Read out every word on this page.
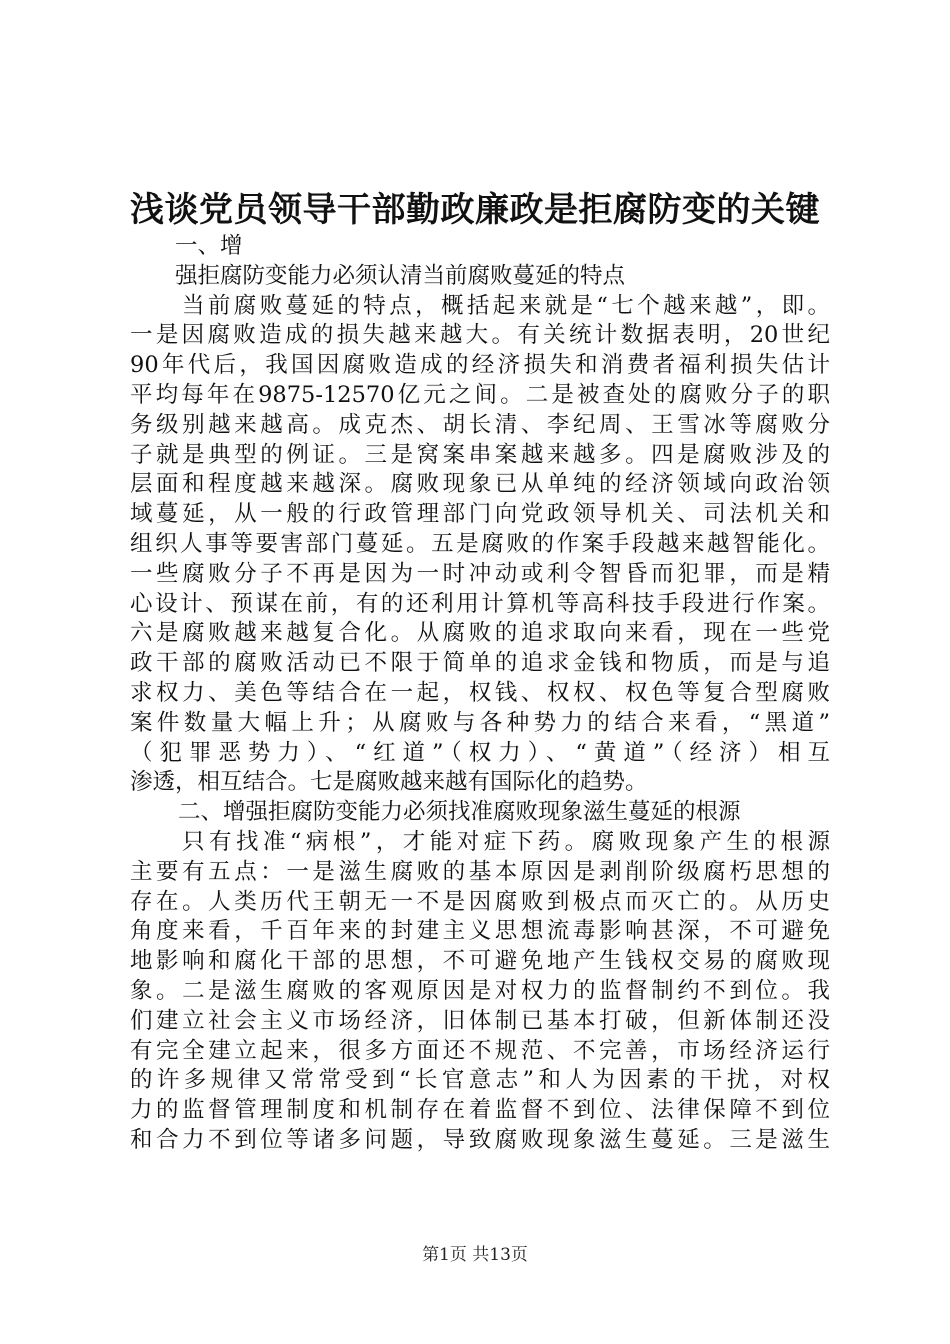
浅谈党员领导干部勤政廉政是拒腐防变的关键
一、增
强拒腐防变能力必须认清当前腐败蔓延的特点
当前腐败蔓延的特点，概括起来就是“七个越来越”，即。
一是因腐败造成的损失越来越大。有关统计数据表明，20世纪
90年代后，我国因腐败造成的经济损失和消费者福利损失估计
平均每年在9875-12570亿元之间。二是被查处的腐败分子的职
务级别越来越高。成克杰、胡长清、李纪周、王雪冰等腐败分
子就是典型的例证。三是窝案串案越来越多。四是腐败涉及的
层面和程度越来越深。腐败现象已从单纯的经济领域向政治领
域蔓延，从一般的行政管理部门向党政领导机关、司法机关和
组织人事等要害部门蔓延。五是腐败的作案手段越来越智能化。
一些腐败分子不再是因为一时冲动或利令智昏而犯罪，而是精
心设计、预谋在前，有的还利用计算机等高科技手段进行作案。
六是腐败越来越复合化。从腐败的追求取向来看，现在一些党
政干部的腐败活动已不限于简单的追求金钱和物质，而是与追
求权力、美色等结合在一起，权钱、权权、权色等复合型腐败
案件数量大幅上升；从腐败与各种势力的结合来看，“黑道”
（犯罪恶势力）、“红道”（权力）、“黄道”（经济）相互
渗透，相互结合。七是腐败越来越有国际化的趋势。
二、增强拒腐防变能力必须找准腐败现象滋生蔓延的根源
只有找准“病根”，才能对症下药。腐败现象产生的根源
主要有五点：一是滋生腐败的基本原因是剥削阶级腐朽思想的
存在。人类历代王朝无一不是因腐败到极点而灭亡的。从历史
角度来看，千百年来的封建主义思想流毒影响甚深，不可避免
地影响和腐化干部的思想，不可避免地产生钱权交易的腐败现
象。二是滋生腐败的客观原因是对权力的监督制约不到位。我
们建立社会主义市场经济，旧体制已基本打破，但新体制还没
有完全建立起来，很多方面还不规范、不完善，市场经济运行
的许多规律又常常受到“长官意志”和人为因素的干扰，对权
力的监督管理制度和机制存在着监督不到位、法律保障不到位
和合力不到位等诸多问题，导致腐败现象滋生蔓延。三是滋生
第1页 共13页
